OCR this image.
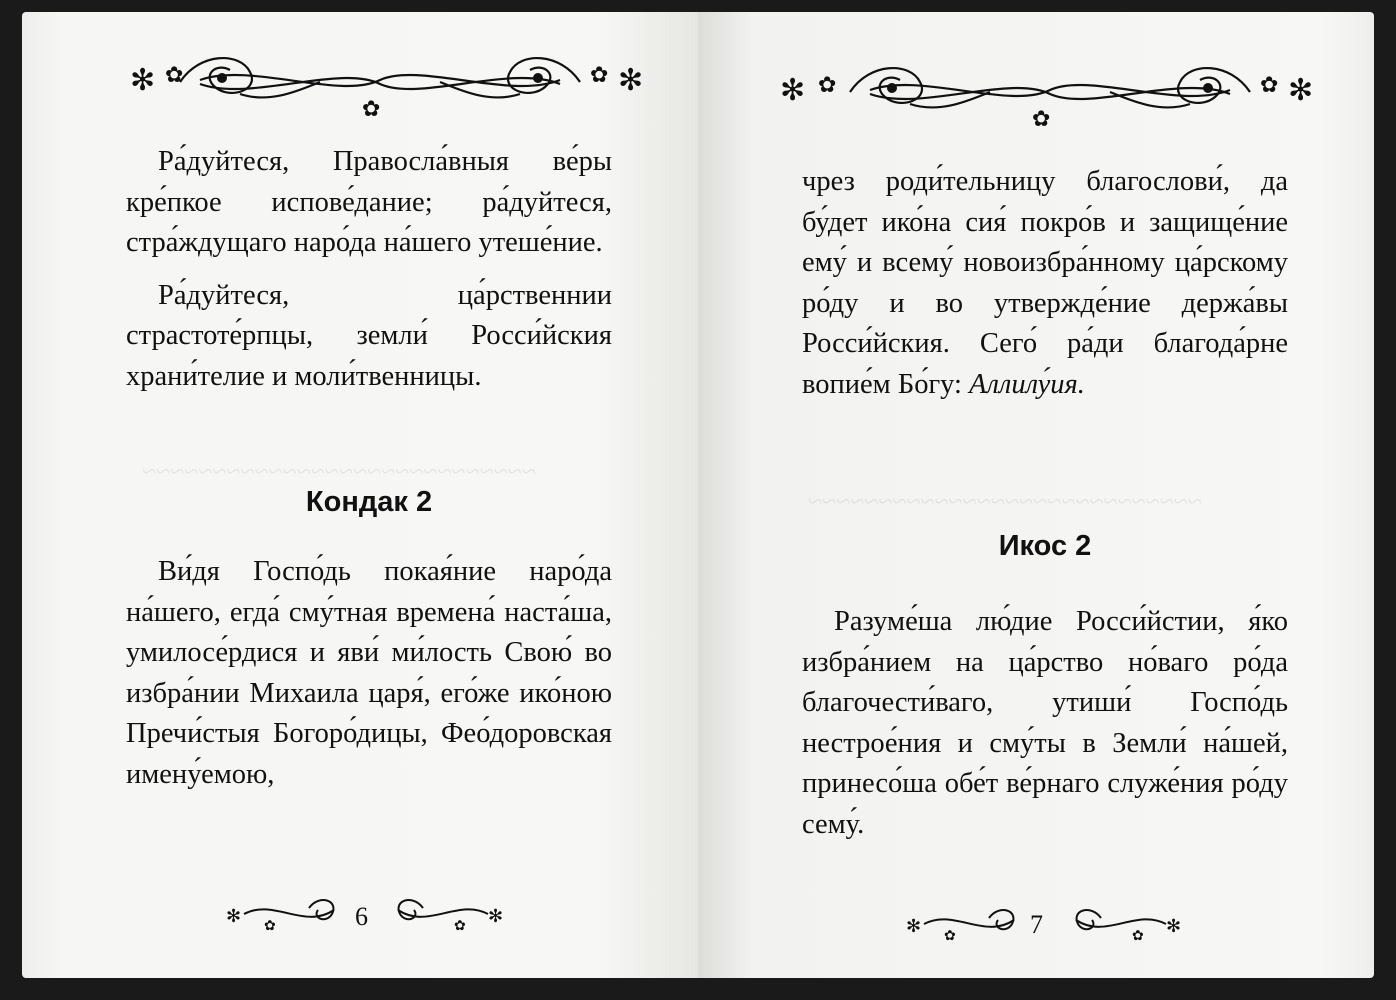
✻ ✿	✿ ✻
✿
~~~~~~~~~~~~~~~~~~~~~~~~~~~~

Ра́дуйтеся, Правосла́вныя ве́ры кре́пкое испове́дание; ра́дуйтеся, стра́ждущаго наро́да на́шего утеше́ние.

Ра́дуйтеся, ца́рственнии страстоте́рпцы, земли́ Росси́йския храни́телие и моли́твенницы.

Кондак 2

Ви́дя Госпо́дь покая́ние наро́да на́шего, егда́ сму́тная времена́ наста́ша, умилосе́рдися и яви́ ми́лость Свою́ во избра́нии Михаила царя́, его́же ико́ною Пречи́стыя Богоро́дицы, Фео́доровская имену́емою,

✻ ✿	6	✻
✿
✻ ✿	✿ ✻
✿
~~~~~~~~~~~~~~~~~~~~~~~~~~~~

чрез роди́тельницу благослови́, да бу́дет ико́на сия́ покро́в и защище́ние ему́ и всему́ новоизбра́нному ца́рскому ро́ду и во утвержде́ние держа́вы Росси́йския. Сего́ ра́ди благода́рне вопие́м Бо́гу: Аллилу́ия.

Икос 2

Разуме́ша лю́дие Росси́йстии, я́ко избра́нием на ца́рство но́ваго ро́да благочести́ваго, утиши́ Госпо́дь нестрое́ния и сму́ты в Земли́ на́шей, принесо́ша обе́т ве́рнаго служе́ния ро́ду сему́.

✻ ✿	7	✻
✿
